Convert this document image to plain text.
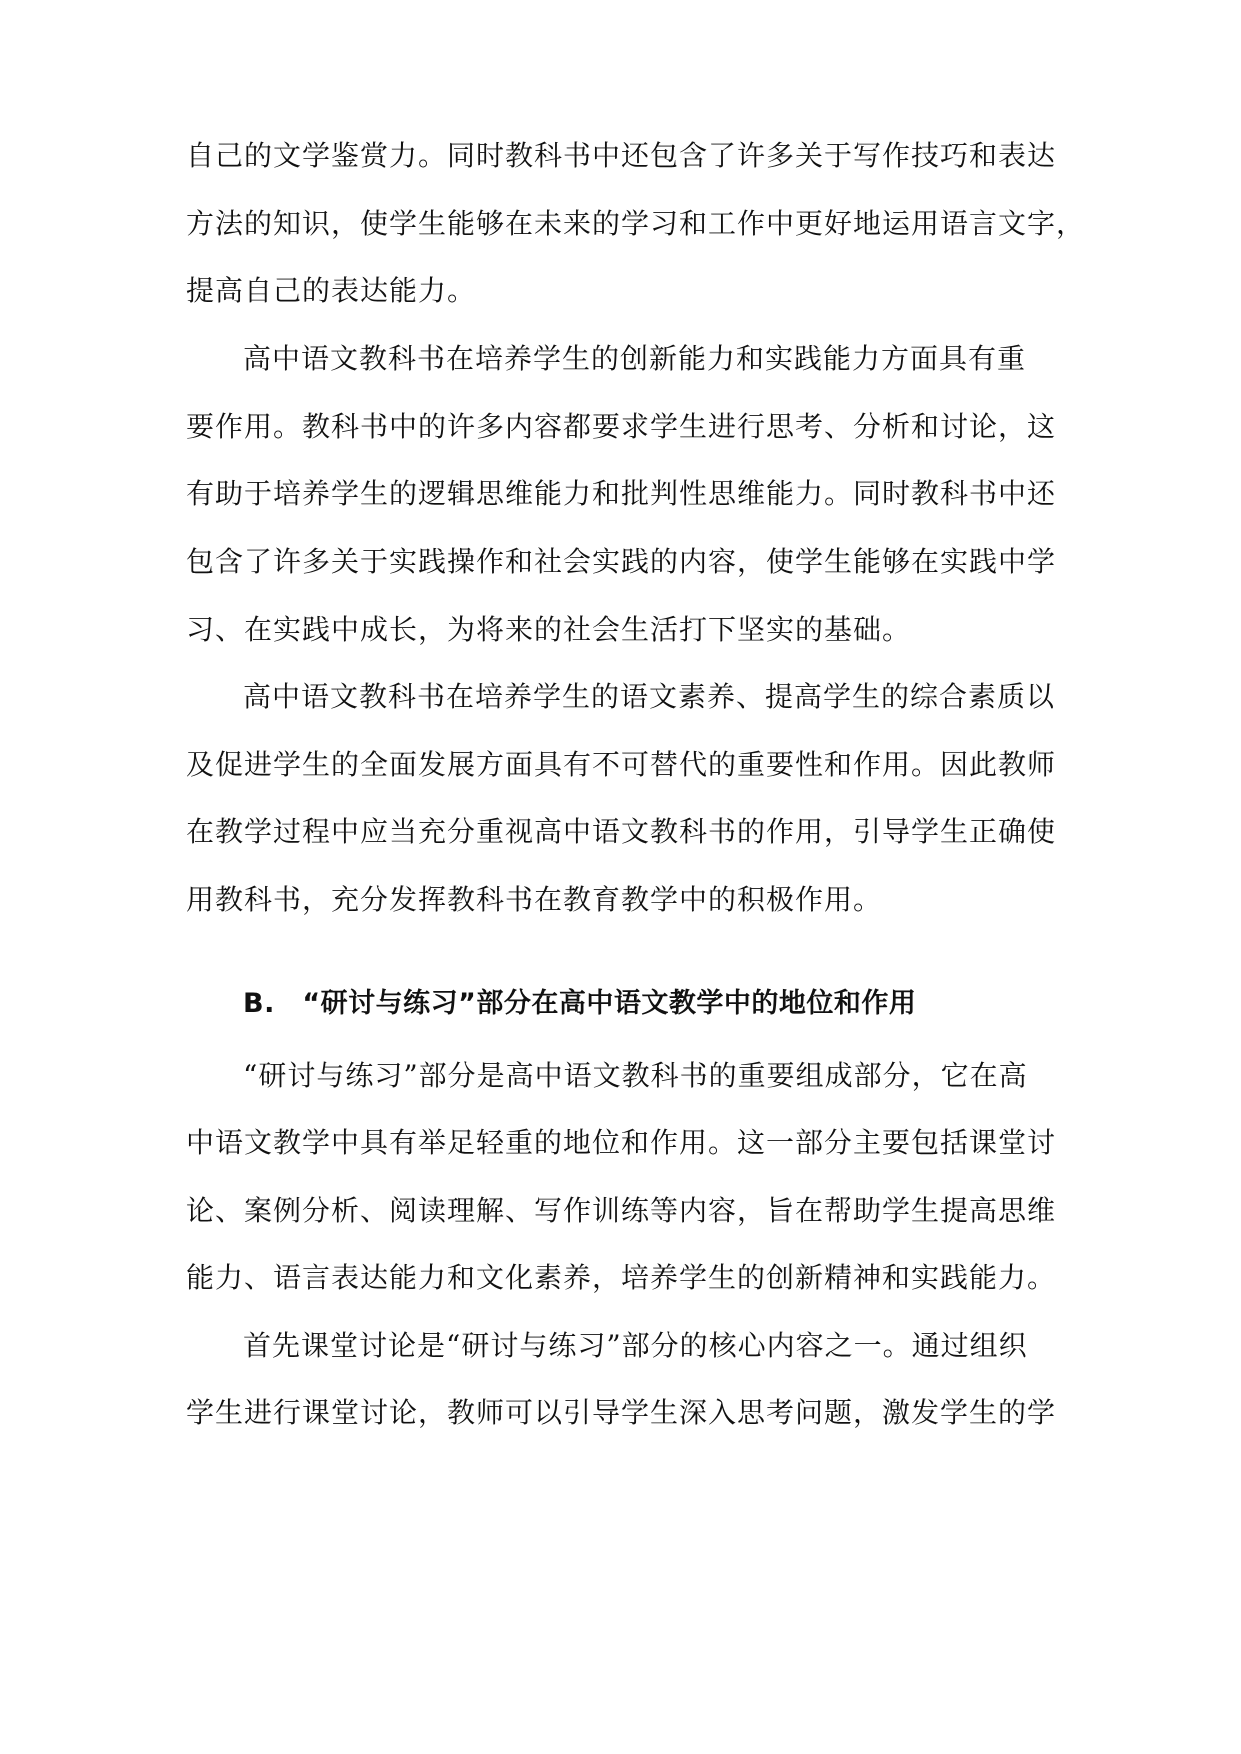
自己的文学鉴赏力。同时教科书中还包含了许多关于写作技巧和表达
方法的知识，使学生能够在未来的学习和工作中更好地运用语言文字，
提高自己的表达能力。
高中语文教科书在培养学生的创新能力和实践能力方面具有重
要作用。教科书中的许多内容都要求学生进行思考、分析和讨论，这
有助于培养学生的逻辑思维能力和批判性思维能力。同时教科书中还
包含了许多关于实践操作和社会实践的内容，使学生能够在实践中学
习、在实践中成长，为将来的社会生活打下坚实的基础。
高中语文教科书在培养学生的语文素养、提高学生的综合素质以
及促进学生的全面发展方面具有不可替代的重要性和作用。因此教师
在教学过程中应当充分重视高中语文教科书的作用，引导学生正确使
用教科书，充分发挥教科书在教育教学中的积极作用。
B.　“研讨与练习”部分在高中语文教学中的地位和作用
“研讨与练习”部分是高中语文教科书的重要组成部分，它在高
中语文教学中具有举足轻重的地位和作用。这一部分主要包括课堂讨
论、案例分析、阅读理解、写作训练等内容，旨在帮助学生提高思维
能力、语言表达能力和文化素养，培养学生的创新精神和实践能力。
首先课堂讨论是“研讨与练习”部分的核心内容之一。通过组织
学生进行课堂讨论，教师可以引导学生深入思考问题，激发学生的学
